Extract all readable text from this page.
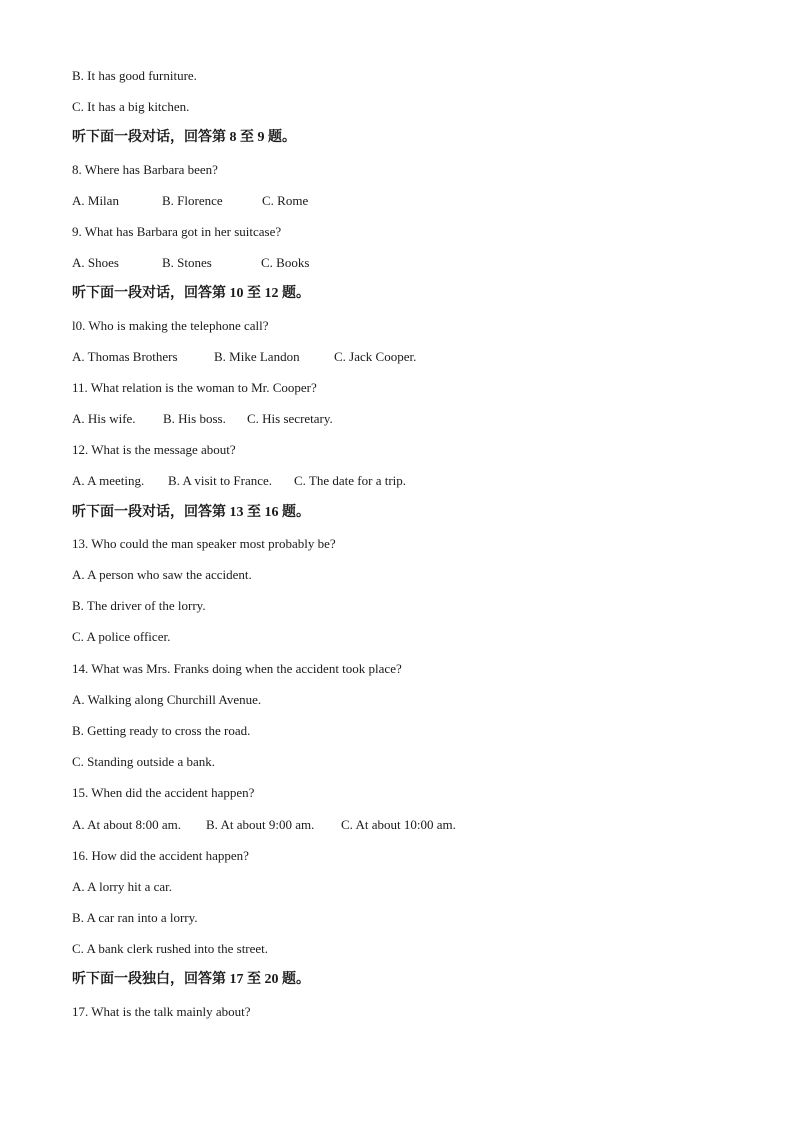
B. It has good furniture.
C. It has a big kitchen.
听下面一段对话，回答第 8 至 9 题。
8. Where has Barbara been?
A. Milan	B. Florence	C. Rome
9. What has Barbara got in her suitcase?
A. Shoes	B. Stones	C. Books
听下面一段对话，回答第 10 至 12 题。
l0. Who is making the telephone call?
A. Thomas Brothers	B. Mike Landon	C. Jack Cooper.
11. What relation is the woman to Mr. Cooper?
A. His wife. B. His boss. C. His secretary.
12. What is the message about?
A. A meeting. B. A visit to France. C. The date for a trip.
听下面一段对话，回答第 13 至 16 题。
13. Who could the man speaker most probably be?
A. A person who saw the accident.
B. The driver of the lorry.
C. A police officer.
14. What was Mrs. Franks doing when the accident took place?
A. Walking along Churchill Avenue.
B. Getting ready to cross the road.
C. Standing outside a bank.
15. When did the accident happen?
A. At about 8:00 am. B. At about 9:00 am. C. At about 10:00 am.
16. How did the accident happen?
A. A lorry hit a car.
B. A car ran into a lorry.
C. A bank clerk rushed into the street.
听下面一段独白，回答第 17 至 20 题。
17. What is the talk mainly about?
